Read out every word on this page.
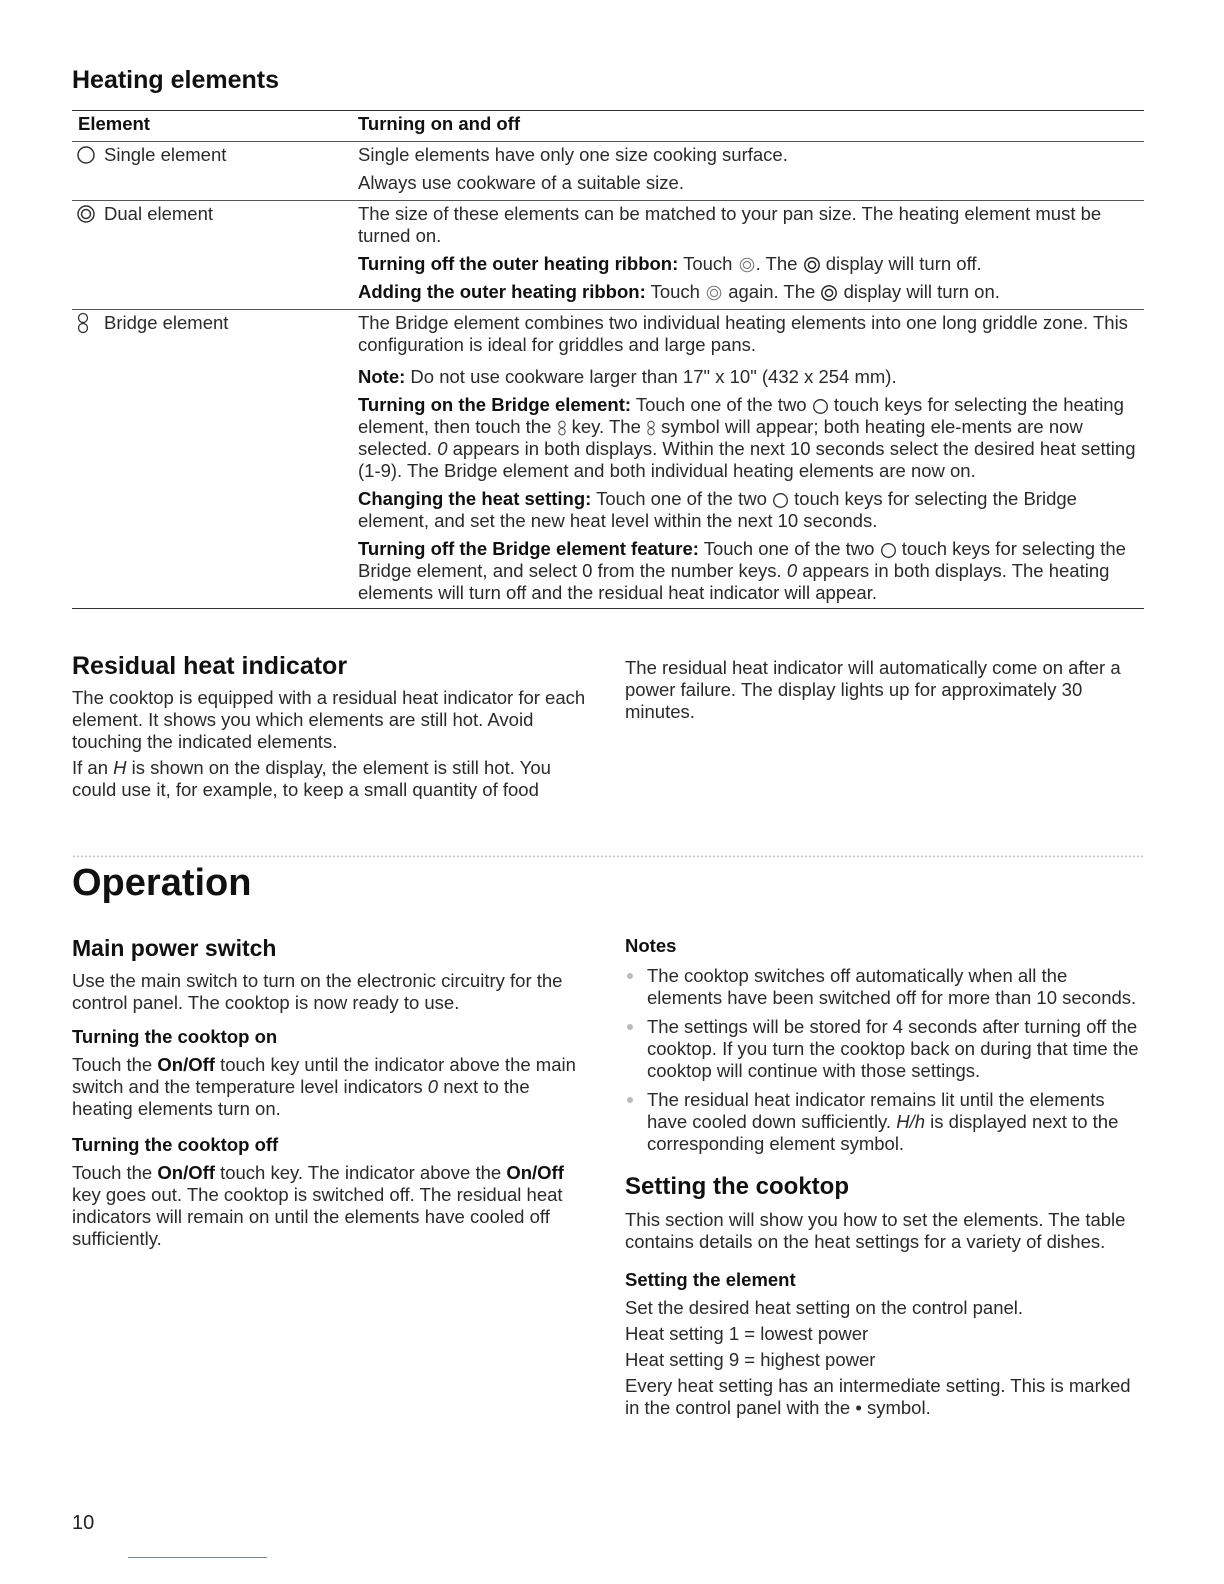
Heating elements
Element	Turning on and off
Single element	Single elements have only one size cooking surface.

Always use cookware of a suitable size.

Dual element	The size of these elements can be matched to your pan size. The heating element must be turned on.

Turning off the outer heating ribbon: Touch . The display will turn off.

Adding the outer heating ribbon: Touch again. The display will turn on.

Bridge element	The Bridge element combines two individual heating elements into one long griddle zone. This configuration is ideal for griddles and large pans.

Note: Do not use cookware larger than 17" x 10" (432 x 254 mm).

Turning on the Bridge element: Touch one of the two touch keys for selecting the heating element, then touch the key. The symbol will appear; both heating ele-ments are now selected. 0 appears in both displays. Within the next 10 seconds select the desired heat setting (1-9). The Bridge element and both individual heating elements are now on.

Changing the heat setting: Touch one of the two touch keys for selecting the Bridge element, and set the new heat level within the next 10 seconds.

Turning off the Bridge element feature: Touch one of the two touch keys for selecting the Bridge element, and select 0 from the number keys. 0 appears in both displays. The heating elements will turn off and the residual heat indicator will appear.

Residual heat indicator

The cooktop is equipped with a residual heat indicator for each element. It shows you which elements are still hot. Avoid touching the indicated elements.

If an H is shown on the display, the element is still hot. You could use it, for example, to keep a small quantity of food

The residual heat indicator will automatically come on after a power failure. The display lights up for approximately 30 minutes.

Operation
Main power switch

Use the main switch to turn on the electronic circuitry for the control panel. The cooktop is now ready to use.

Turning the cooktop on

Touch the On/Off touch key until the indicator above the main switch and the temperature level indicators 0 next to the heating elements turn on.

Turning the cooktop off

Touch the On/Off touch key. The indicator above the On/Off key goes out. The cooktop is switched off. The residual heat indicators will remain on until the elements have cooled off sufficiently.

Notes

The cooktop switches off automatically when all the elements have been switched off for more than 10 seconds.
The settings will be stored for 4 seconds after turning off the cooktop. If you turn the cooktop back on during that time the cooktop will continue with those settings.
The residual heat indicator remains lit until the elements have cooled down sufficiently. H/h is displayed next to the corresponding element symbol.
Setting the cooktop

This section will show you how to set the elements. The table contains details on the heat settings for a variety of dishes.

Setting the element

Set the desired heat setting on the control panel.

Heat setting 1 = lowest power

Heat setting 9 = highest power

Every heat setting has an intermediate setting. This is marked in the control panel with the • symbol.

10
